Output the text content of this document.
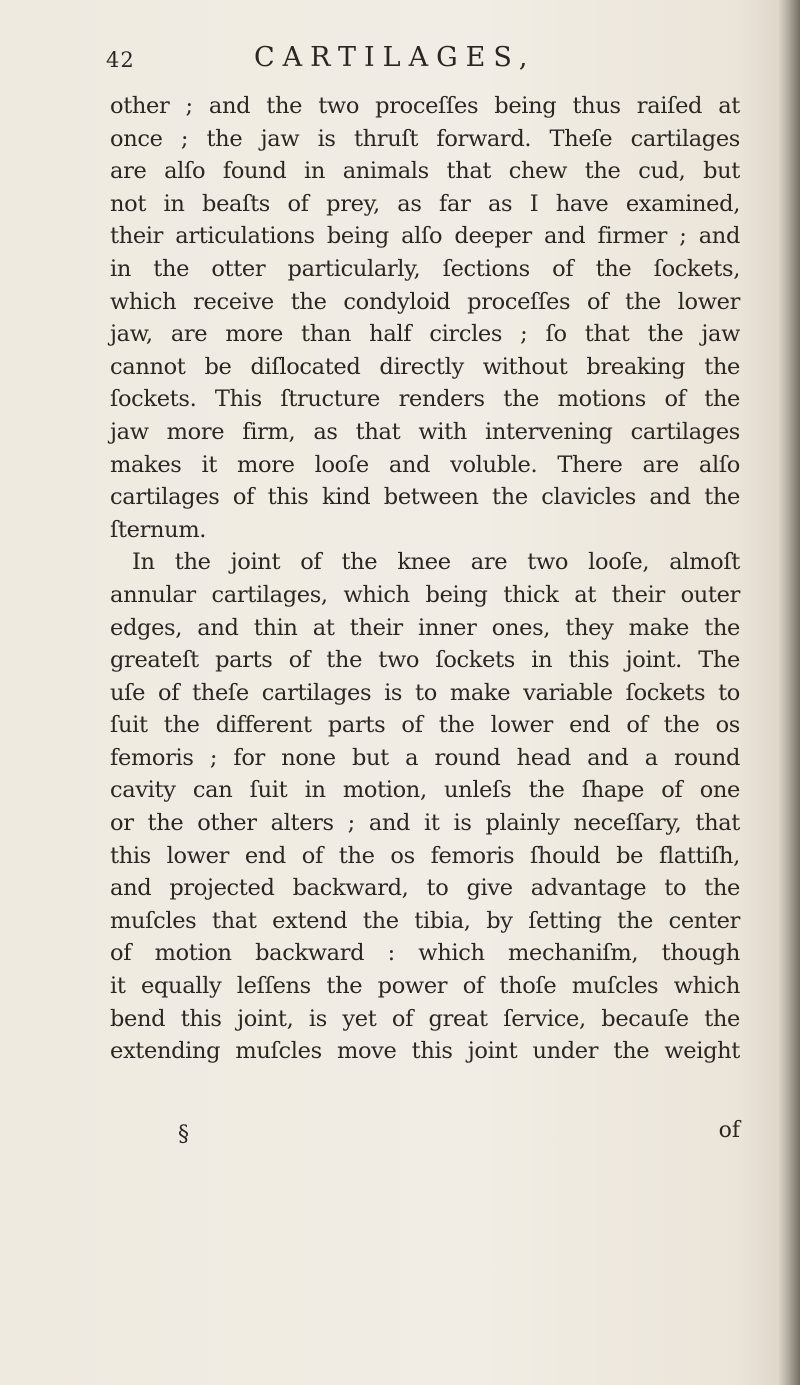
42	CARTILAGES,
other ; and the two proceſſes being thus raiſed at
once ; the jaw is thruſt forward. Theſe cartilages
are alſo found in animals that chew the cud, but
not in beaſts of prey, as far as I have examined,
their articulations being alſo deeper and firmer ; and
in the otter particularly, ſections of the ſockets,
which receive the condyloid proceſſes of the lower
jaw, are more than half circles ; ſo that the jaw
cannot be diſlocated directly without breaking the
ſockets. This ſtructure renders the motions of the
jaw more firm, as that with intervening cartilages
makes it more looſe and voluble. There are alſo
cartilages of this kind between the clavicles and the
ſternum.
In the joint of the knee are two looſe, almoſt
annular cartilages, which being thick at their outer
edges, and thin at their inner ones, they make the
greateſt parts of the two ſockets in this joint. The
uſe of theſe cartilages is to make variable ſockets to
ſuit the different parts of the lower end of the os
femoris ; for none but a round head and a round
cavity can ſuit in motion, unleſs the ſhape of one
or the other alters ; and it is plainly neceſſary, that
this lower end of the os femoris ſhould be flattiſh,
and projected backward, to give advantage to the
muſcles that extend the tibia, by ſetting the center
of motion backward : which mechaniſm, though
it equally leſſens the power of thoſe muſcles which
bend this joint, is yet of great ſervice, becauſe the
extending muſcles move this joint under the weight
§	of
